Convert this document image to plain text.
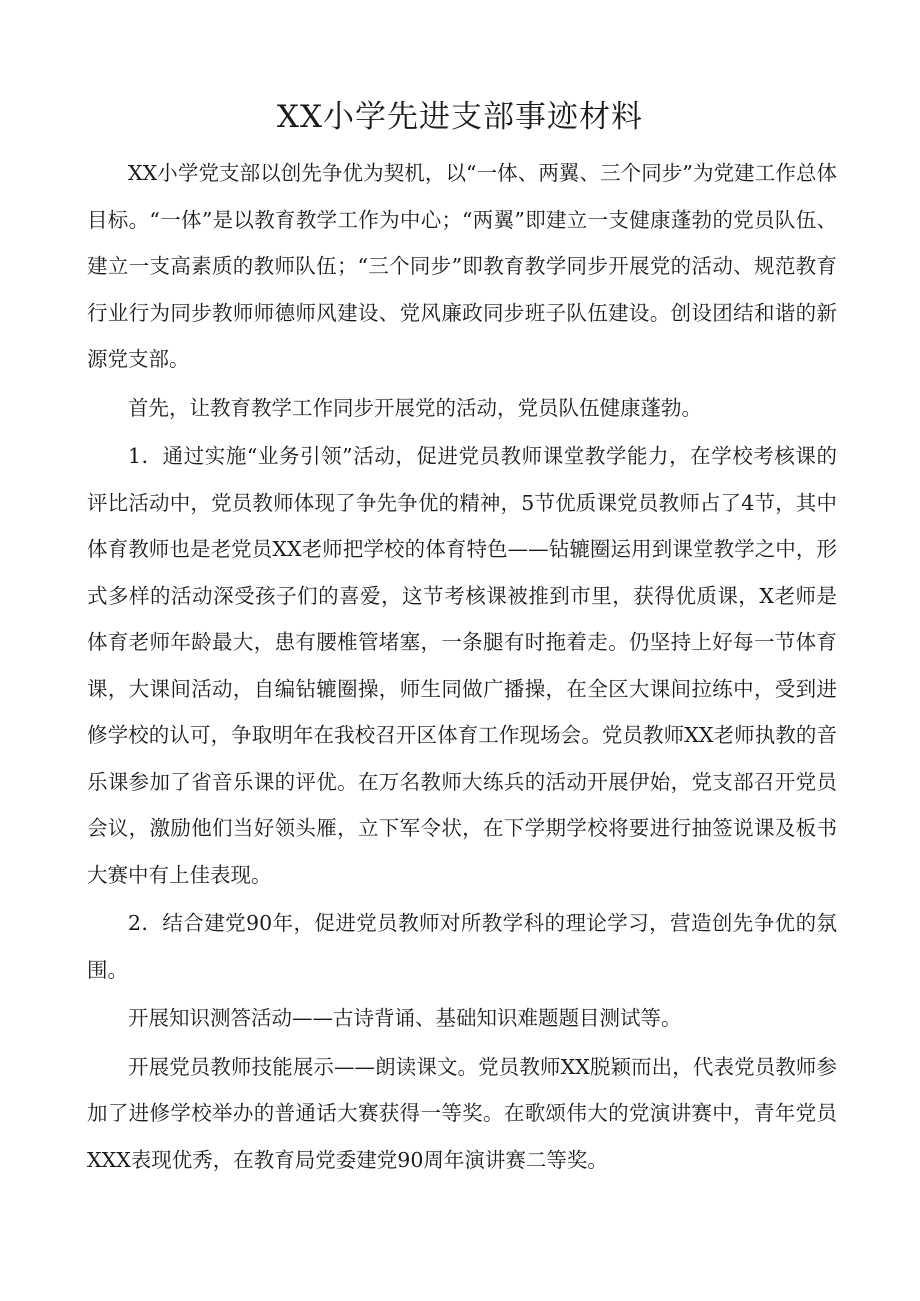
XX小学先进支部事迹材料

XX小学党支部以创先争优为契机，以“一体、两翼、三个同步”为党建工作总体目标。“一体”是以教育教学工作为中心；“两翼”即建立一支健康蓬勃的党员队伍、建立一支高素质的教师队伍；“三个同步”即教育教学同步开展党的活动、规范教育行业行为同步教师师德师风建设、党风廉政同步班子队伍建设。创设团结和谐的新源党支部。

首先，让教育教学工作同步开展党的活动，党员队伍健康蓬勃。

1．通过实施“业务引领”活动，促进党员教师课堂教学能力，在学校考核课的评比活动中，党员教师体现了争先争优的精神，5节优质课党员教师占了4节，其中体育教师也是老党员XX老师把学校的体育特色——钻辘圈运用到课堂教学之中，形式多样的活动深受孩子们的喜爱，这节考核课被推到市里，获得优质课，X老师是体育老师年龄最大，患有腰椎管堵塞，一条腿有时拖着走。仍坚持上好每一节体育课，大课间活动，自编钻辘圈操，师生同做广播操，在全区大课间拉练中，受到进修学校的认可，争取明年在我校召开区体育工作现场会。党员教师XX老师执教的音乐课参加了省音乐课的评优。在万名教师大练兵的活动开展伊始，党支部召开党员会议，激励他们当好领头雁，立下军令状，在下学期学校将要进行抽签说课及板书大赛中有上佳表现。

2．结合建党90年，促进党员教师对所教学科的理论学习，营造创先争优的氛围。

开展知识测答活动——古诗背诵、基础知识难题题目测试等。

开展党员教师技能展示——朗读课文。党员教师XX脱颖而出，代表党员教师参加了进修学校举办的普通话大赛获得一等奖。在歌颂伟大的党演讲赛中，青年党员XXX表现优秀，在教育局党委建党90周年演讲赛二等奖。
